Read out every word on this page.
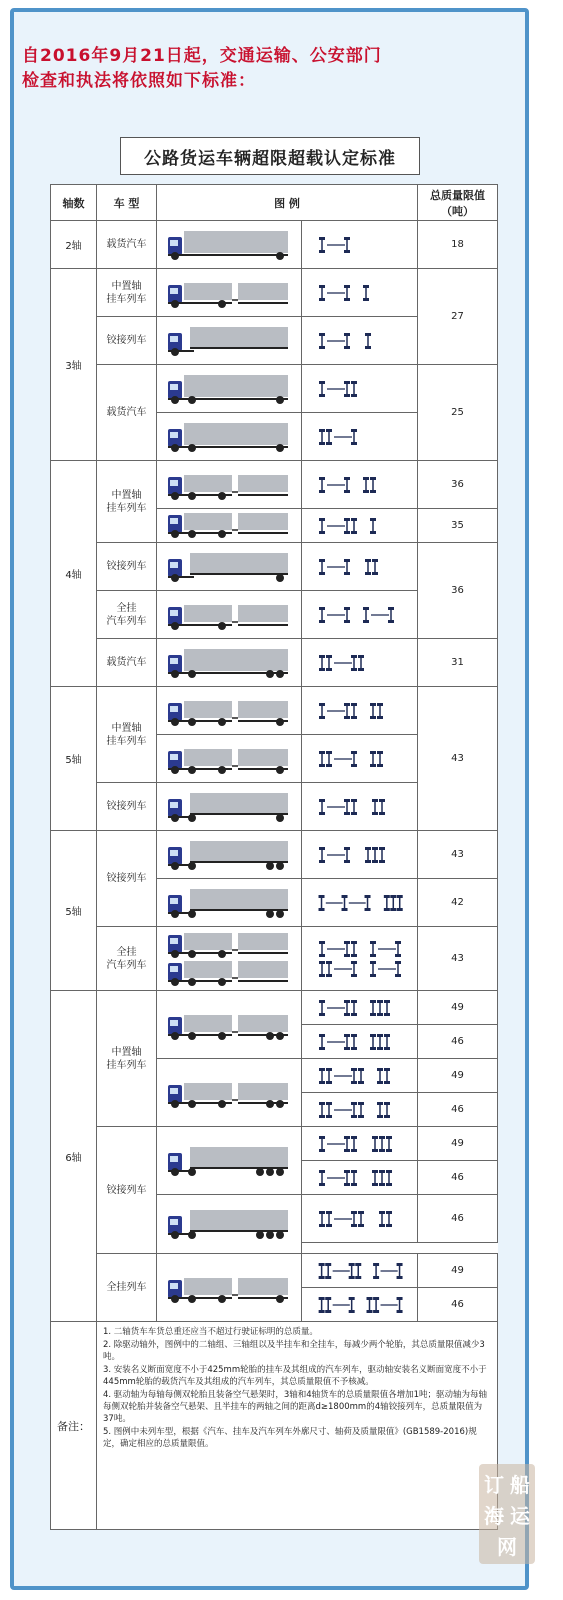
自2016年9月21日起，交通运输、公安部门
检查和执法将依照如下标准：
公路货运车辆超限超载认定标准
轴数	车 型	图 例		总质量限值
（吨）

2轴	载货汽车			18
3轴	中置轴
挂车列车			27

	铰接列车

	载货汽车			25

4轴	中置轴
挂车列车			36

	35

	铰接列车			36

	全挂
汽车列车

	载货汽车			31
5轴	中置轴
挂车列车			43

	铰接列车

5轴	铰接列车			43

	42

	全挂
汽车列车			43
6轴	中置轴
挂车列车			49

	46

	49

	46

	铰接列车			49

	46

	46

	全挂列车			49

	46
备注：	1. 二轴货车车货总重还应当不超过行驶证标明的总质量。
2. 除驱动轴外，图例中的二轴组、三轴组以及半挂车和全挂车，每减少两个轮胎，其总质量限值减少3吨。
3. 安装名义断面宽度不小于425mm轮胎的挂车及其组成的汽车列车，驱动轴安装名义断面宽度不小于445mm轮胎的载货汽车及其组成的汽车列车，其总质量限值不予核减。
4. 驱动轴为每轴每侧双轮胎且装备空气悬架时，3轴和4轴货车的总质量限值各增加1吨；驱动轴为每轴每侧双轮胎并装备空气悬架、且半挂车的两轴之间的距离d≥1800mm的4轴铰接列车，总质量限值为37吨。
5. 图例中未列车型，根据《汽车、挂车及汽车列车外廓尺寸、轴荷及质量限值》(GB1589-2016)规定，确定相应的总质量限值。			
订 船
海 运
网
